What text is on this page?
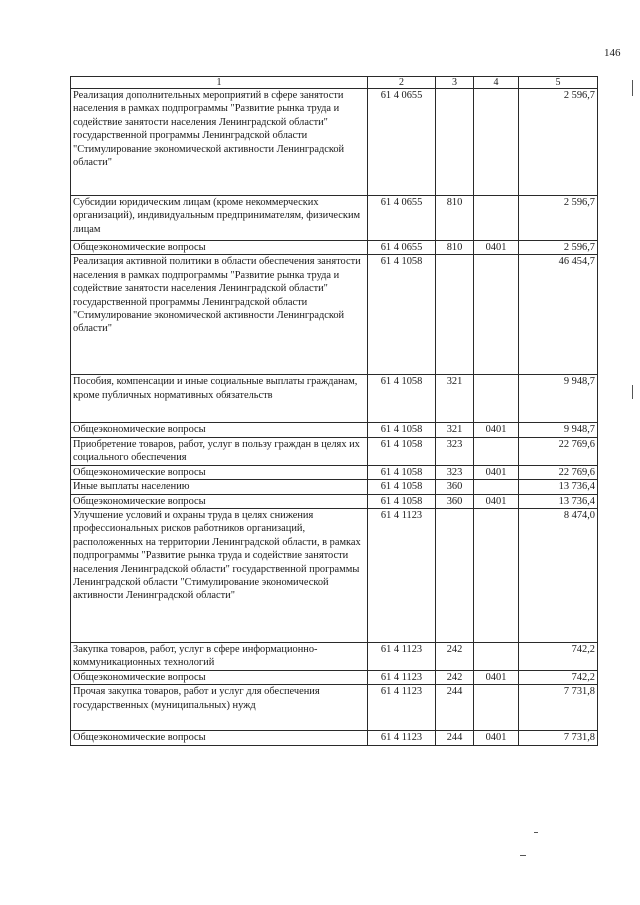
146
1	2	3	4	5
Реализация дополнительных мероприятий в сфере занятости населения в рамках подпрограммы "Развитие рынка труда и содействие занятости населения Ленинградской области" государственной программы Ленинградской области "Стимулирование экономической активности Ленинградской области"	61 4 0655			2 596,7
Субсидии юридическим лицам (кроме некоммерческих организаций), индивидуальным предпринимателям, физическим лицам	61 4 0655	810		2 596,7
Общеэкономические вопросы	61 4 0655	810	0401	2 596,7
Реализация активной политики в области обеспечения занятости населения в рамках подпрограммы "Развитие рынка труда и содействие занятости населения Ленинградской области" государственной программы Ленинградской области "Стимулирование экономической активности Ленинградской области"	61 4 1058			46 454,7
Пособия, компенсации и иные социальные выплаты гражданам, кроме публичных нормативных обязательств	61 4 1058	321		9 948,7
Общеэкономические вопросы	61 4 1058	321	0401	9 948,7
Приобретение товаров, работ, услуг в пользу граждан в целях их социального обеспечения	61 4 1058	323		22 769,6
Общеэкономические вопросы	61 4 1058	323	0401	22 769,6
Иные выплаты населению	61 4 1058	360		13 736,4
Общеэкономические вопросы	61 4 1058	360	0401	13 736,4
Улучшение условий и охраны труда в целях снижения профессиональных рисков работников организаций, расположенных на территории Ленинградской области, в рамках подпрограммы "Развитие рынка труда и содействие занятости населения Ленинградской области" государственной программы Ленинградской области "Стимулирование экономической активности Ленинградской области"	61 4 1123			8 474,0
Закупка товаров, работ, услуг в сфере информационно-коммуникационных технологий	61 4 1123	242		742,2
Общеэкономические вопросы	61 4 1123	242	0401	742,2
Прочая закупка товаров, работ и услуг для обеспечения государственных (муниципальных) нужд	61 4 1123	244		7 731,8
Общеэкономические вопросы	61 4 1123	244	0401	7 731,8
